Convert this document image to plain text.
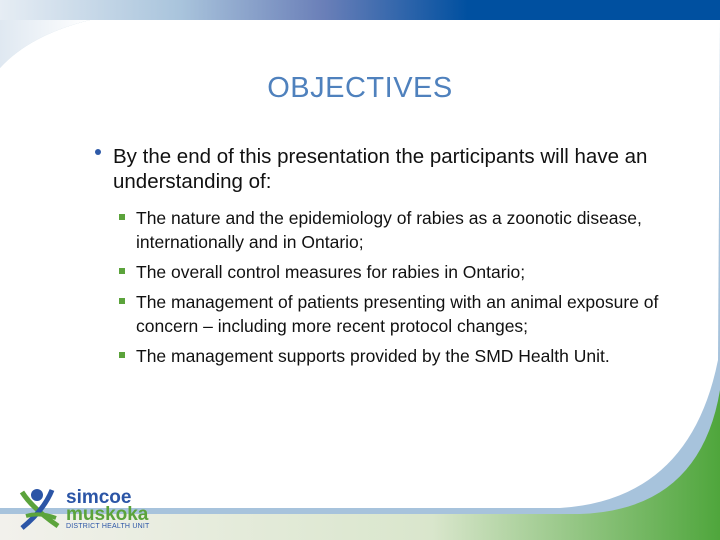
OBJECTIVES
By the end of this presentation the participants will have an understanding of:
The nature and the epidemiology of rabies as a zoonotic disease, internationally and in Ontario;
The overall control measures for rabies in Ontario;
The management of patients presenting with an animal exposure of concern – including more recent protocol changes;
The management supports provided by the SMD Health Unit.
simcoe
muskoka
DISTRICT HEALTH UNIT
